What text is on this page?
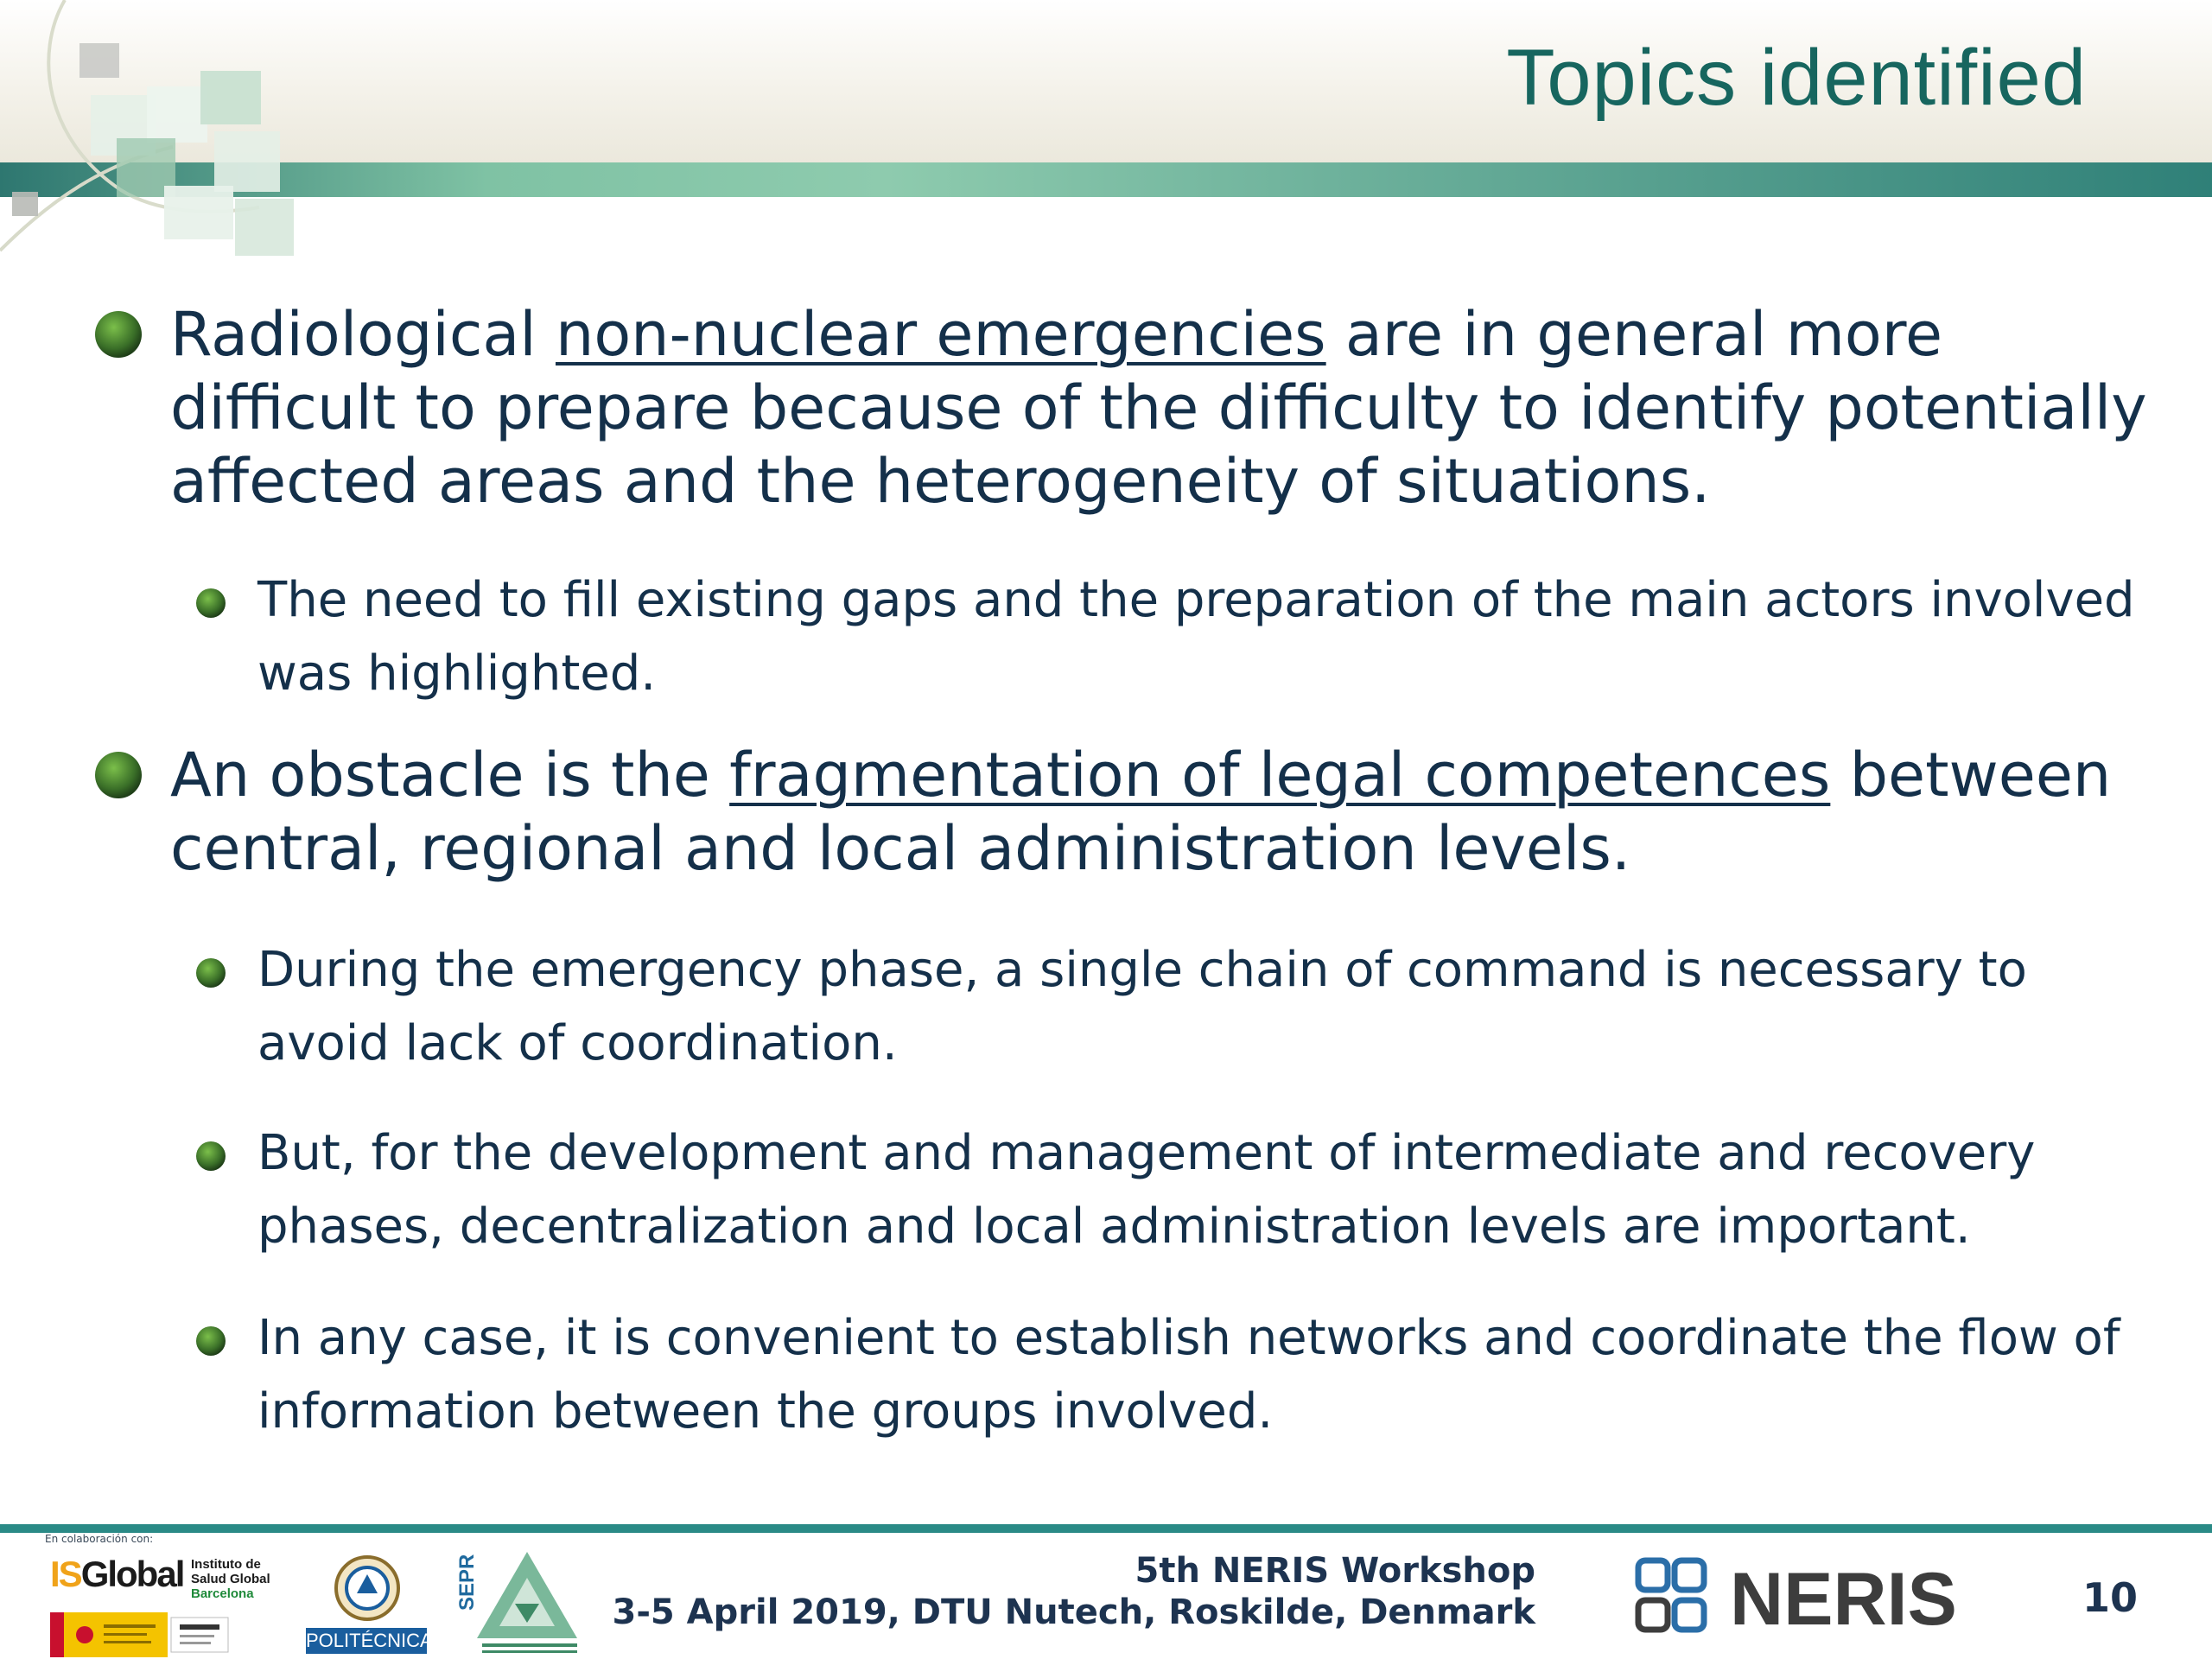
Topics identified
Radiological non-nuclear emergencies are in general more difficult to prepare because of the difficulty to identify potentially affected areas and the heterogeneity of situations.
The need to fill existing gaps and the preparation of the main actors involved was highlighted.
An obstacle is the fragmentation of legal competences between central, regional and local administration levels.
During the emergency phase, a single chain of command is necessary to avoid lack of coordination.
But, for the development and management of intermediate and recovery phases, decentralization and local administration levels are important.
In any case, it is convenient to establish networks and coordinate the flow of information between the groups involved.
En colaboración con:
ISGlobal Instituto de
Salud Global
Barcelona
POLITÉCNICA
SEPR	5th NERIS Workshop
3-5 April 2019, DTU Nutech, Roskilde, Denmark	NERIS	10
